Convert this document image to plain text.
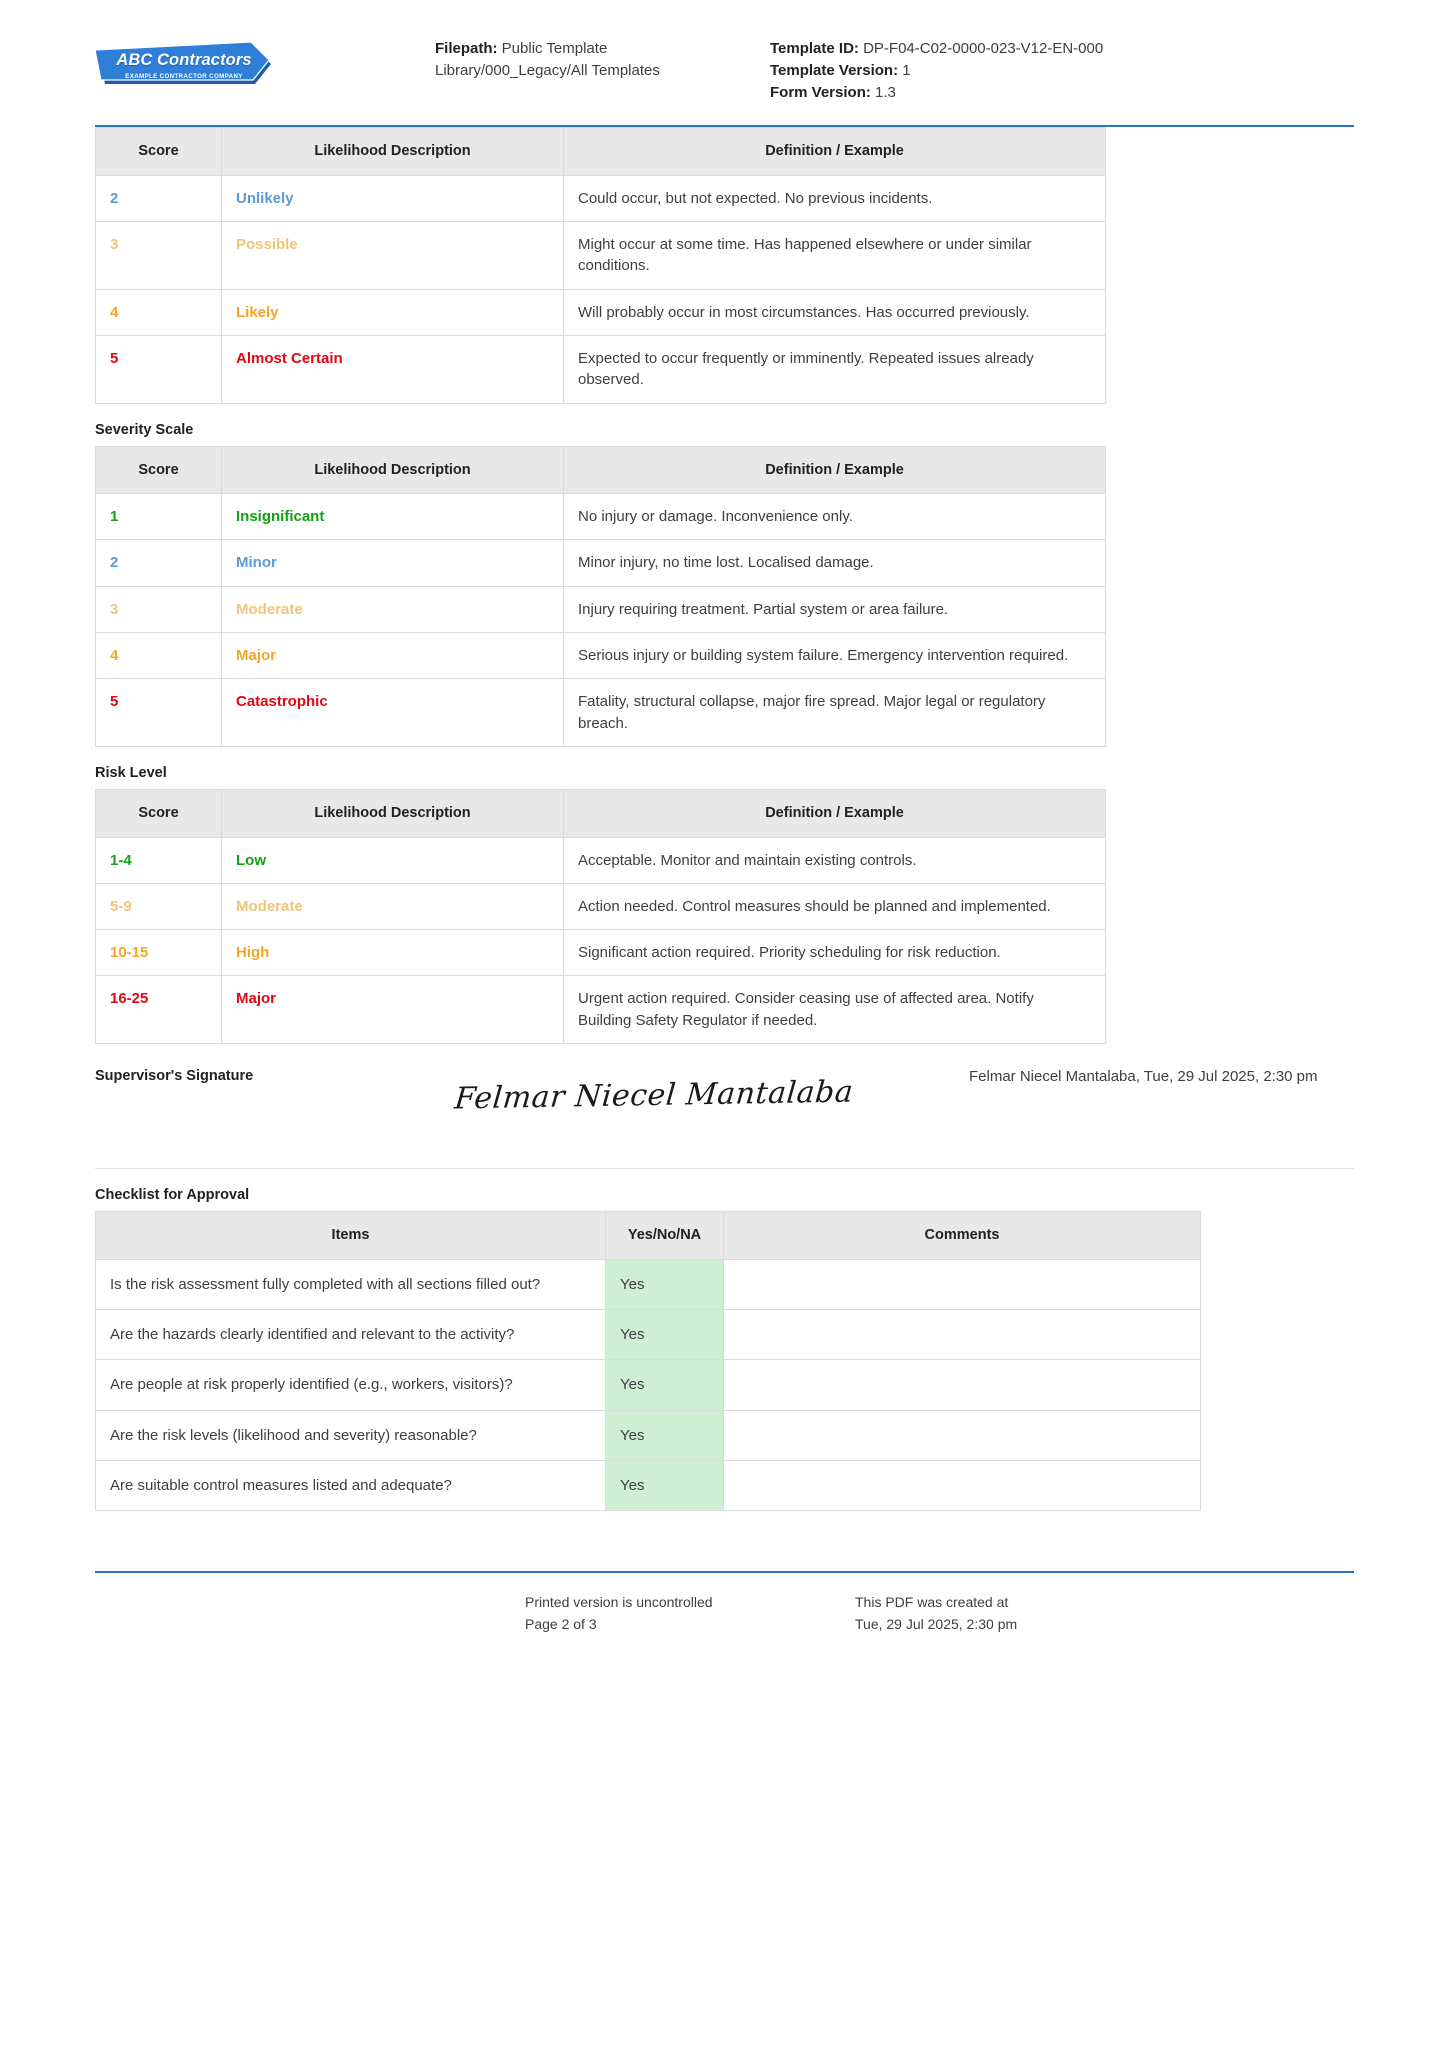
ABC Contractors
EXAMPLE CONTRACTOR COMPANY
Filepath: Public Template Library/000_Legacy/All Templates
Template ID: DP-F04-C02-0000-023-V12-EN-000
Template Version: 1
Form Version: 1.3
Score	Likelihood Description	Definition / Example
2	Unlikely	Could occur, but not expected. No previous incidents.
3	Possible	Might occur at some time. Has happened elsewhere or under similar conditions.
4	Likely	Will probably occur in most circumstances. Has occurred previously.
5	Almost Certain	Expected to occur frequently or imminently. Repeated issues already observed.
Severity Scale
Score	Likelihood Description	Definition / Example
1	Insignificant	No injury or damage. Inconvenience only.
2	Minor	Minor injury, no time lost. Localised damage.
3	Moderate	Injury requiring treatment. Partial system or area failure.
4	Major	Serious injury or building system failure. Emergency intervention required.
5	Catastrophic	Fatality, structural collapse, major fire spread. Major legal or regulatory breach.
Risk Level
Score	Likelihood Description	Definition / Example
1-4	Low	Acceptable. Monitor and maintain existing controls.
5-9	Moderate	Action needed. Control measures should be planned and implemented.
10-15	High	Significant action required. Priority scheduling for risk reduction.
16-25	Major	Urgent action required. Consider ceasing use of affected area. Notify Building Safety Regulator if needed.
Supervisor's Signature	Felmar Niecel Mantalaba	Felmar Niecel Mantalaba, Tue, 29 Jul 2025, 2:30 pm
Checklist for Approval
Items	Yes/No/NA	Comments
Is the risk assessment fully completed with all sections filled out?	Yes	
Are the hazards clearly identified and relevant to the activity?	Yes	
Are people at risk properly identified (e.g., workers, visitors)?	Yes	
Are the risk levels (likelihood and severity) reasonable?	Yes	
Are suitable control measures listed and adequate?	Yes	
Printed version is uncontrolled
Page 2 of 3
This PDF was created at
Tue, 29 Jul 2025, 2:30 pm
